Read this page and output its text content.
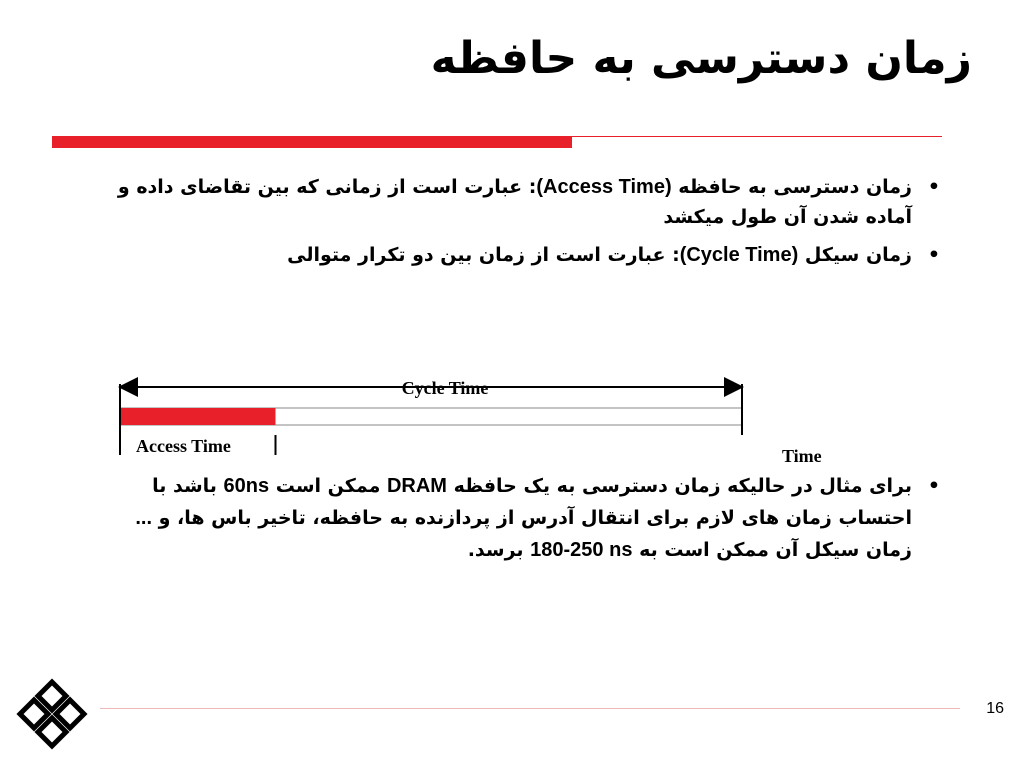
زمان دسترسی به حافظه
• زمان دسترسی به حافظه (Access Time): عبارت است از زمانی که بین تقاضای داده و آماده شدن آن طول میکشد
• زمان سیکل (Cycle Time): عبارت است از زمان بین دو تکرار متوالی
Cycle Time
Access Time	Time
• برای مثال در حالیکه زمان دسترسی به یک حافظه DRAM ممکن است 60ns باشد با احتساب زمان های لازم برای انتقال آدرس از پردازنده به حافظه، تاخیر باس ها، و ... زمان سیکل آن ممکن است به 180-250 ns برسد.
16
